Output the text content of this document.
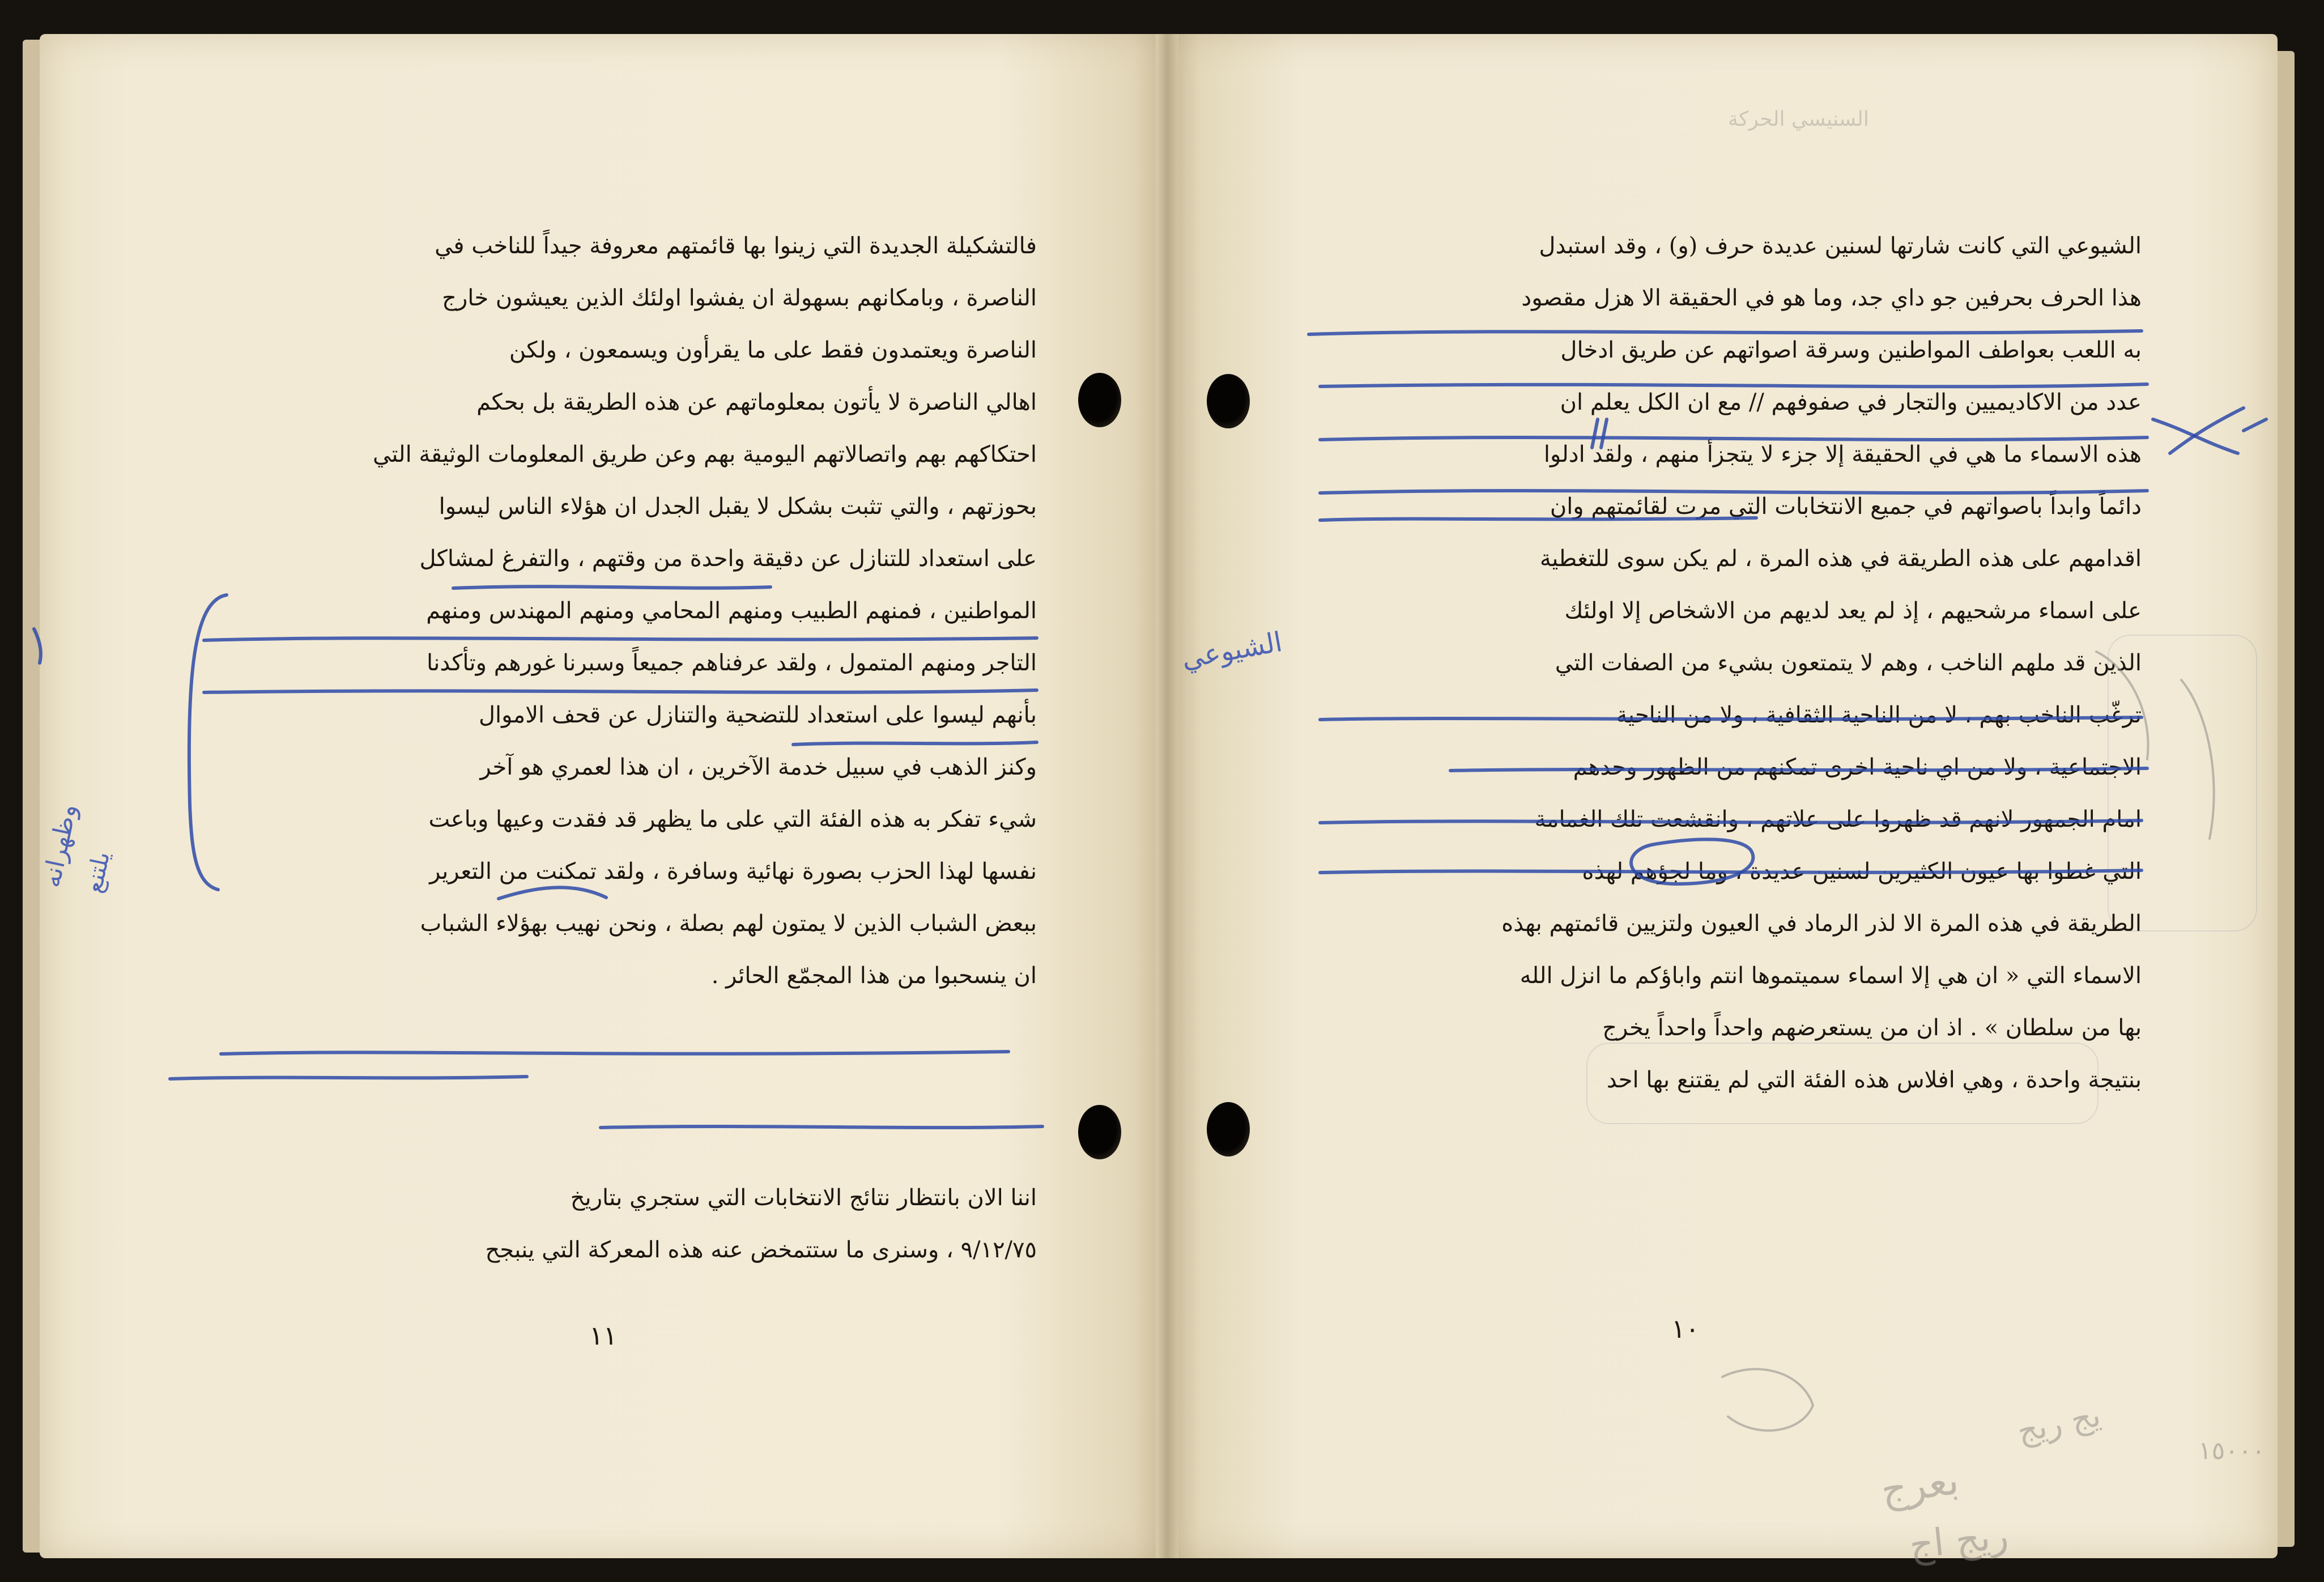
فالتشكيلة الجديدة التي زينوا بها قائمتهم معروفة جيداً للناخب في
الناصرة ، وبامكانهم بسهولة ان يفشوا اولئك الذين يعيشون خارج
الناصرة ويعتمدون فقط على ما يقرأون ويسمعون ، ولكن
اهالي الناصرة لا يأتون بمعلوماتهم عن هذه الطريقة بل بحكم
احتكاكهم بهم واتصالاتهم اليومية بهم وعن طريق المعلومات الوثيقة التي
بحوزتهم ، والتي تثبت بشكل لا يقبل الجدل ان هؤلاء الناس ليسوا
على استعداد للتنازل عن دقيقة واحدة من وقتهم ، والتفرغ لمشاكل
المواطنين ، فمنهم الطبيب ومنهم المحامي ومنهم المهندس ومنهم
التاجر ومنهم المتمول ، ولقد عرفناهم جميعاً وسبرنا غورهم وتأكدنا
بأنهم ليسوا على استعداد للتضحية والتنازل عن قحف الاموال
وكنز الذهب في سبيل خدمة الآخرين ، ان هذا لعمري هو آخر
شيء تفكر به هذه الفئة التي على ما يظهر قد فقدت وعيها وباعت
نفسها لهذا الحزب بصورة نهائية وسافرة ، ولقد تمكنت من التعرير
ببعض الشباب الذين لا يمتون لهم بصلة ، ونحن نهيب بهؤلاء الشباب
ان ينسحبوا من هذا المجمّع الحائر .
اننا الان بانتظار نتائج الانتخابات التي ستجري بتاريخ
٩/١٢/٧٥ ، وسنرى ما ستتمخض عنه هذه المعركة التي ينبجح
١١
الشيوعي التي كانت شارتها لسنين عديدة حرف (و) ، وقد استبدل
هذا الحرف بحرفين جو داي جد، وما هو في الحقيقة الا هزل مقصود
به اللعب بعواطف المواطنين وسرقة اصواتهم عن طريق ادخال
عدد من الاكاديميين والتجار في صفوفهم // مع ان الكل يعلم ان
هذه الاسماء ما هي في الحقيقة إلا جزء لا يتجزأ منهم ، ولقد ادلوا
دائماً وابداً باصواتهم في جميع الانتخابات التي مرت لقائمتهم وان
اقدامهم على هذه الطريقة في هذه المرة ، لم يكن سوى للتغطية
على اسماء مرشحيهم ، إذ لم يعد لديهم من الاشخاص إلا اولئك
الذين قد ملهم الناخب ، وهم لا يتمتعون بشيء من الصفات التي
ترغّب الناخب بهم ، لا من الناحية الثقافية ، ولا من الناحية
الاجتماعية ، ولا من اي ناحية اخرى تمكنهم من الظهور وحدهم
امام الجمهور لانهم قد ظهروا على علاتهم ، وانقشعت تلك الغمامة
التي غطوا بها عيون الكثيرين لسنين عديدة ، وما لجؤهم لهذه
الطريقة في هذه المرة الا لذر الرماد في العيون ولتزيين قائمتهم بهذه
الاسماء التي « ان هي إلا اسماء سميتموها انتم واباؤكم ما انزل الله
بها من سلطان » . اذ ان من يستعرضهم واحداً واحداً يخرج
بنتيجة واحدة ، وهي افلاس هذه الفئة التي لم يقتنع بها احد
١٠
وظهرانه
يلتنع
الشيوعي
بعرج
ريج اج
يج ريج
١٥٠٠٠
السنيسي الحركة
